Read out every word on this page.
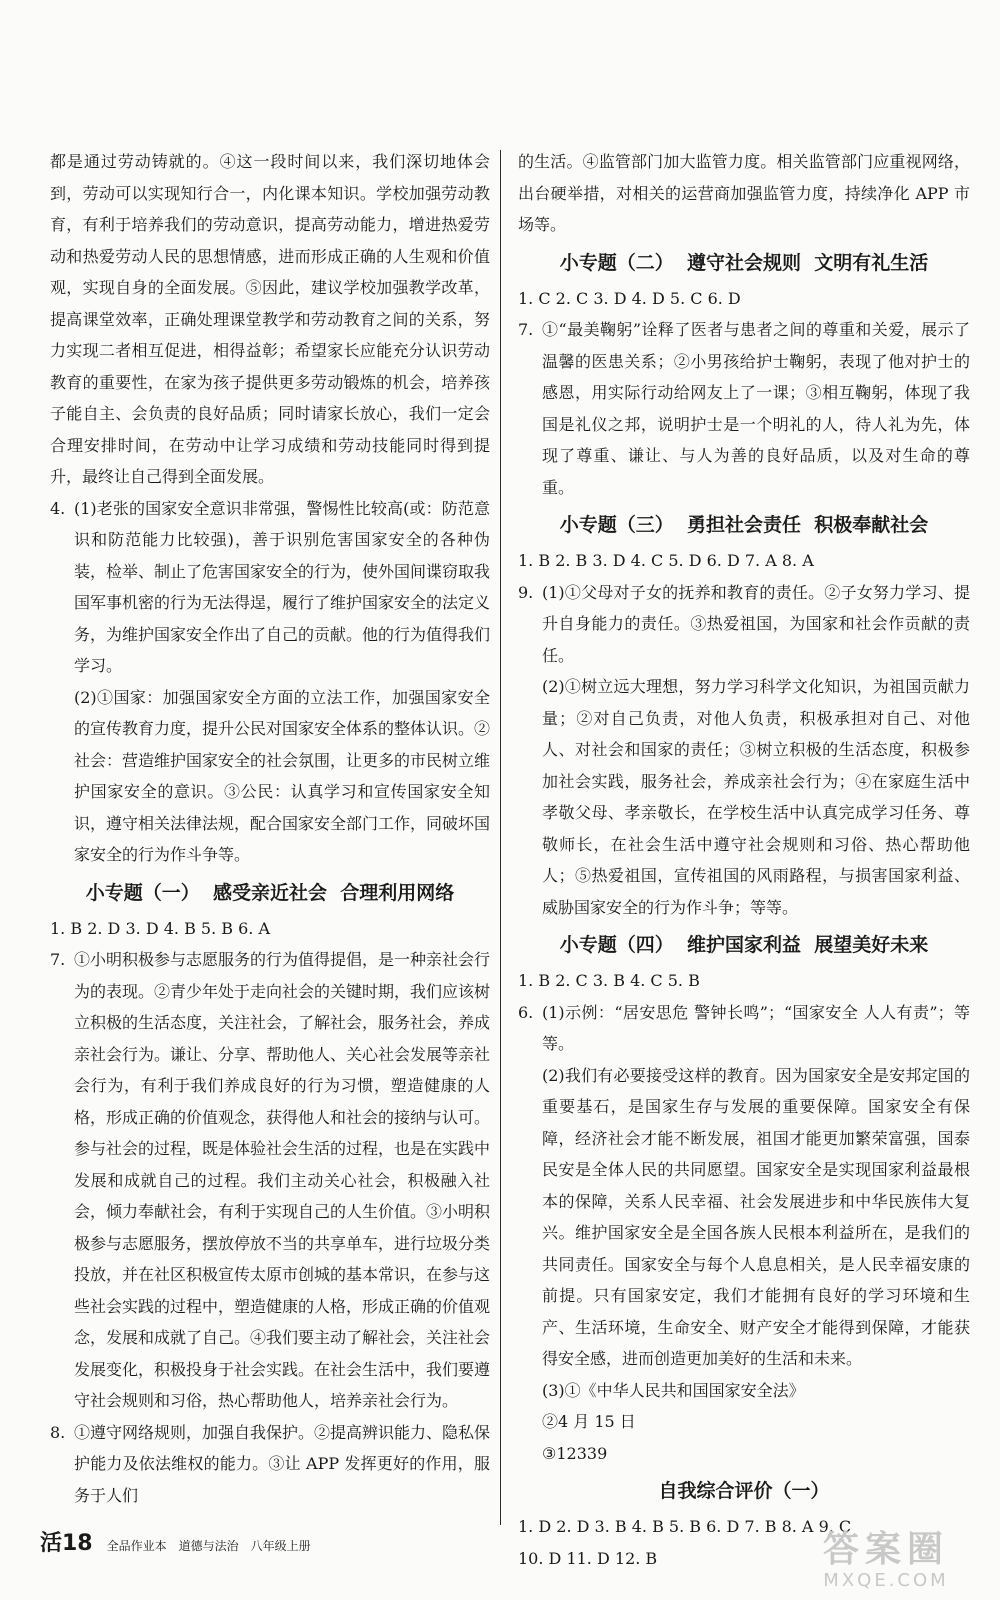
都是通过劳动铸就的。④这一段时间以来，我们深切地体会到，劳动可以实现知行合一，内化课本知识。学校加强劳动教育，有利于培养我们的劳动意识，提高劳动能力，增进热爱劳动和热爱劳动人民的思想情感，进而形成正确的人生观和价值观，实现自身的全面发展。⑤因此，建议学校加强教学改革，提高课堂效率，正确处理课堂教学和劳动教育之间的关系，努力实现二者相互促进，相得益彰；希望家长应能充分认识劳动教育的重要性，在家为孩子提供更多劳动锻炼的机会，培养孩子能自主、会负责的良好品质；同时请家长放心，我们一定会合理安排时间，在劳动中让学习成绩和劳动技能同时得到提升，最终让自己得到全面发展。

4. (1)老张的国家安全意识非常强，警惕性比较高(或：防范意识和防范能力比较强)，善于识别危害国家安全的各种伪装，检举、制止了危害国家安全的行为，使外国间谍窃取我国军事机密的行为无法得逞，履行了维护国家安全的法定义务，为维护国家安全作出了自己的贡献。他的行为值得我们学习。

(2)①国家：加强国家安全方面的立法工作，加强国家安全的宣传教育力度，提升公民对国家安全体系的整体认识。②社会：营造维护国家安全的社会氛围，让更多的市民树立维护国家安全的意识。③公民：认真学习和宣传国家安全知识，遵守相关法律法规，配合国家安全部门工作，同破坏国家安全的行为作斗争等。

小专题（一）  感受亲近社会  合理利用网络

1. B 2. D 3. D 4. B 5. B 6. A

7. ①小明积极参与志愿服务的行为值得提倡，是一种亲社会行为的表现。②青少年处于走向社会的关键时期，我们应该树立积极的生活态度，关注社会，了解社会，服务社会，养成亲社会行为。谦让、分享、帮助他人、关心社会发展等亲社会行为，有利于我们养成良好的行为习惯，塑造健康的人格，形成正确的价值观念，获得他人和社会的接纳与认可。参与社会的过程，既是体验社会生活的过程，也是在实践中发展和成就自己的过程。我们主动关心社会，积极融入社会，倾力奉献社会，有利于实现自己的人生价值。③小明积极参与志愿服务，摆放停放不当的共享单车，进行垃圾分类投放，并在社区积极宣传太原市创城的基本常识，在参与这些社会实践的过程中，塑造健康的人格，形成正确的价值观念，发展和成就了自己。④我们要主动了解社会，关注社会发展变化，积极投身于社会实践。在社会生活中，我们要遵守社会规则和习俗，热心帮助他人，培养亲社会行为。

8. ①遵守网络规则，加强自我保护。②提高辨识能力、隐私保护能力及依法维权的能力。③让 APP 发挥更好的作用，服务于人们

的生活。④监管部门加大监管力度。相关监管部门应重视网络，出台硬举措，对相关的运营商加强监管力度，持续净化 APP 市场等。

小专题（二）  遵守社会规则  文明有礼生活

1. C 2. C 3. D 4. D 5. C 6. D

7. ①“最美鞠躬”诠释了医者与患者之间的尊重和关爱，展示了温馨的医患关系；②小男孩给护士鞠躬，表现了他对护士的感恩，用实际行动给网友上了一课；③相互鞠躬，体现了我国是礼仪之邦，说明护士是一个明礼的人，待人礼为先，体现了尊重、谦让、与人为善的良好品质，以及对生命的尊重。

小专题（三）  勇担社会责任  积极奉献社会

1. B 2. B 3. D 4. C 5. D 6. D 7. A 8. A

9. (1)①父母对子女的抚养和教育的责任。②子女努力学习、提升自身能力的责任。③热爱祖国，为国家和社会作贡献的责任。

(2)①树立远大理想，努力学习科学文化知识，为祖国贡献力量；②对自己负责，对他人负责，积极承担对自己、对他人、对社会和国家的责任；③树立积极的生活态度，积极参加社会实践，服务社会，养成亲社会行为；④在家庭生活中孝敬父母、孝亲敬长，在学校生活中认真完成学习任务、尊敬师长，在社会生活中遵守社会规则和习俗、热心帮助他人；⑤热爱祖国，宣传祖国的风雨路程，与损害国家利益、威胁国家安全的行为作斗争；等等。

小专题（四）  维护国家利益  展望美好未来

1. B 2. C 3. B 4. C 5. B

6. (1)示例：“居安思危 警钟长鸣”；“国家安全 人人有责”；等等。

(2)我们有必要接受这样的教育。因为国家安全是安邦定国的重要基石，是国家生存与发展的重要保障。国家安全有保障，经济社会才能不断发展，祖国才能更加繁荣富强，国泰民安是全体人民的共同愿望。国家安全是实现国家利益最根本的保障，关系人民幸福、社会发展进步和中华民族伟大复兴。维护国家安全是全国各族人民根本利益所在，是我们的共同责任。国家安全与每个人息息相关，是人民幸福安康的前提。只有国家安定，我们才能拥有良好的学习环境和生产、生活环境，生命安全、财产安全才能得到保障，才能获得安全感，进而创造更加美好的生活和未来。

(3)①《中华人民共和国国家安全法》

②4 月 15 日

③12339

自我综合评价（一）

1. D 2. D 3. B 4. B 5. B 6. D 7. B 8. A 9. C

10. D 11. D 12. B

活18 全品作业本 道德与法治 八年级上册	答案圈
MXQE.COM
